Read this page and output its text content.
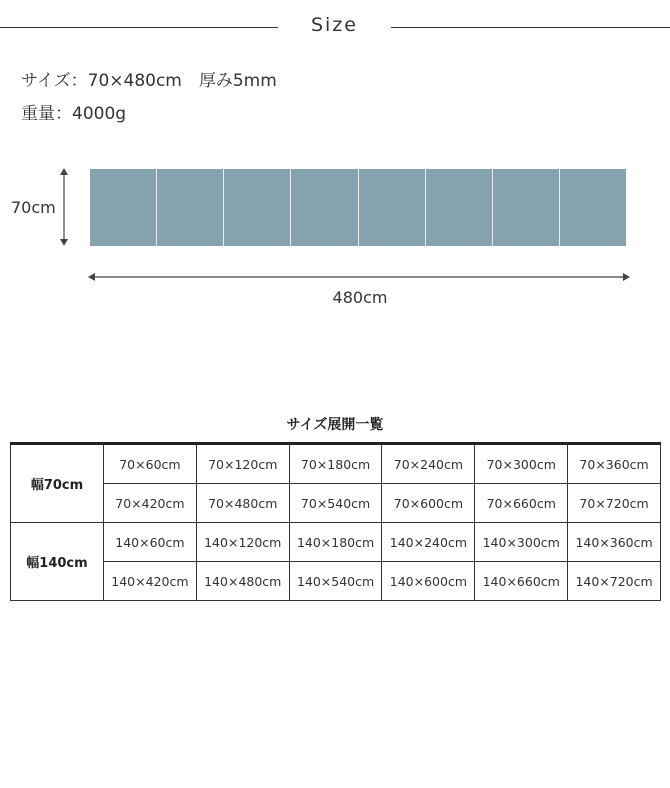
Size
サイズ：70×480cm　厚み5mm
重量：4000g
70cm
480cm
サイズ展開一覧
幅70cm	70×60cm	70×120cm	70×180cm	70×240cm	70×300cm	70×360cm
	70×420cm	70×480cm	70×540cm	70×600cm	70×660cm	70×720cm
幅140cm	140×60cm	140×120cm	140×180cm	140×240cm	140×300cm	140×360cm
	140×420cm	140×480cm	140×540cm	140×600cm	140×660cm	140×720cm
